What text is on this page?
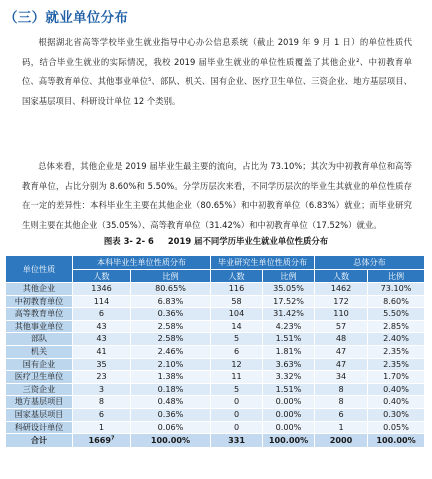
（三）就业单位分布
根据湖北省高等学校毕业生就业指导中心办公信息系统（截止 2019 年 9 月 1 日）的单位性质代码，结合毕业生就业的实际情况，我校 2019 届毕业生就业的单位性质覆盖了其他企业²、中初教育单位、高等教育单位、其他事业单位⁵、部队、机关、国有企业、医疗卫生单位、三资企业、地方基层项目、国家基层项目、科研设计单位 12 个类别。
总体来看，其他企业是 2019 届毕业生最主要的流向，占比为 73.10%；其次为中初教育单位和高等教育单位，占比分别为 8.60%和 5.50%。分学历层次来看，不同学历层次的毕业生其就业的单位性质存在一定的差异性：本科毕业生主要在其他企业（80.65%）和中初教育单位（6.83%）就业；而毕业研究生则主要在其他企业（35.05%）、高等教育单位（31.42%）和中初教育单位（17.52%）就业。
图表 3- 2- 6 2019 届不同学历毕业生就业单位性质分布
单位性质	本科毕业生单位性质分布		毕业研究生单位性质分布		总体分布	
	人数	比例	人数	比例	人数	比例
其他企业	1346	80.65%	116	35.05%	1462	73.10%
中初教育单位	114	6.83%	58	17.52%	172	8.60%
高等教育单位	6	0.36%	104	31.42%	110	5.50%
其他事业单位	43	2.58%	14	4.23%	57	2.85%
部队	43	2.58%	5	1.51%	48	2.40%
机关	41	2.46%	6	1.81%	47	2.35%
国有企业	35	2.10%	12	3.63%	47	2.35%
医疗卫生单位	23	1.38%	11	3.32%	34	1.70%
三资企业	3	0.18%	5	1.51%	8	0.40%
地方基层项目	8	0.48%	0	0.00%	8	0.40%
国家基层项目	6	0.36%	0	0.00%	6	0.30%
科研设计单位	1	0.06%	0	0.00%	1	0.05%
合计	1669$^7$	100.00%	331	100.00%	2000	100.00%
